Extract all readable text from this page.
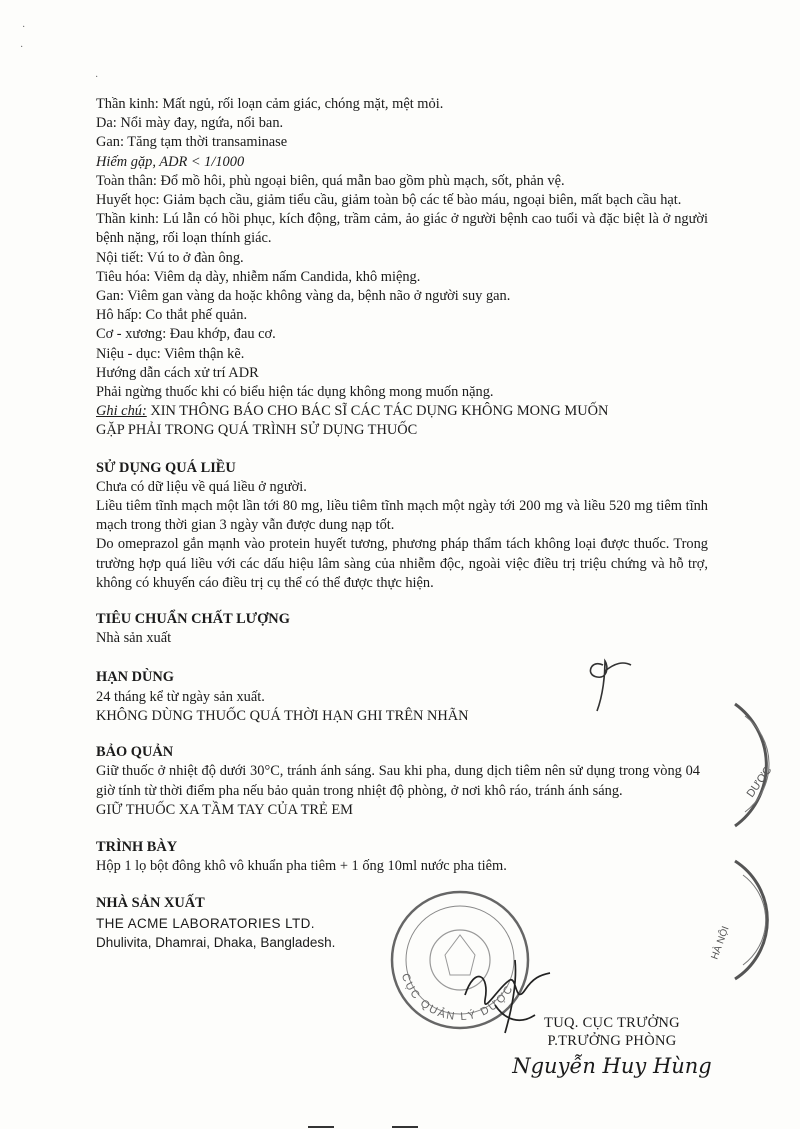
·
·
·
Thần kinh: Mất ngủ, rối loạn cảm giác, chóng mặt, mệt mỏi.
Da: Nổi mày đay, ngứa, nổi ban.
Gan: Tăng tạm thời transaminase
Hiếm gặp, ADR < 1/1000
Toàn thân: Đổ mồ hôi, phù ngoại biên, quá mẫn bao gồm phù mạch, sốt, phản vệ.
Huyết học: Giảm bạch cầu, giảm tiểu cầu, giảm toàn bộ các tế bào máu, ngoại biên, mất bạch cầu hạt.
Thần kinh: Lú lẫn có hồi phục, kích động, trầm cảm, ảo giác ở người bệnh cao tuổi và đặc biệt là ở người bệnh nặng, rối loạn thính giác.
Nội tiết: Vú to ở đàn ông.
Tiêu hóa: Viêm dạ dày, nhiễm nấm Candida, khô miệng.
Gan: Viêm gan vàng da hoặc không vàng da, bệnh não ở người suy gan.
Hô hấp: Co thắt phế quản.
Cơ - xương: Đau khớp, đau cơ.
Niệu - dục: Viêm thận kẽ.
Hướng dẫn cách xử trí ADR
Phải ngừng thuốc khi có biểu hiện tác dụng không mong muốn nặng.
Ghi chú: XIN THÔNG BÁO CHO BÁC SĨ CÁC TÁC DỤNG KHÔNG MONG MUỐN
GẶP PHẢI TRONG QUÁ TRÌNH SỬ DỤNG THUỐC
SỬ DỤNG QUÁ LIỀU
Chưa có dữ liệu về quá liều ở người.
Liều tiêm tĩnh mạch một lần tới 80 mg, liều tiêm tĩnh mạch một ngày tới 200 mg và liều 520 mg tiêm tĩnh mạch trong thời gian 3 ngày vẫn được dung nạp tốt.
Do omeprazol gắn mạnh vào protein huyết tương, phương pháp thẩm tách không loại được thuốc. Trong trường hợp quá liều với các dấu hiệu lâm sàng của nhiễm độc, ngoài việc điều trị triệu chứng và hỗ trợ, không có khuyến cáo điều trị cụ thể có thể được thực hiện.
TIÊU CHUẨN CHẤT LƯỢNG
Nhà sản xuất
HẠN DÙNG
24 tháng kể từ ngày sản xuất.
KHÔNG DÙNG THUỐC QUÁ THỜI HẠN GHI TRÊN NHÃN
BẢO QUẢN
Giữ thuốc ở nhiệt độ dưới 30°C, tránh ánh sáng. Sau khi pha, dung dịch tiêm nên sử dụng trong vòng 04 giờ tính từ thời điểm pha nếu bảo quản trong nhiệt độ phòng, ở nơi khô ráo, tránh ánh sáng.
GIỮ THUỐC XA TẦM TAY CỦA TRẺ EM
TRÌNH BÀY
Hộp 1 lọ bột đông khô vô khuẩn pha tiêm + 1 ống 10ml nước pha tiêm.
NHÀ SẢN XUẤT
THE ACME LABORATORIES LTD.
Dhulivita, Dhamrai, Dhaka, Bangladesh.
DƯỢC
HÀ NỘI
CỤC QUẢN LÝ DƯỢC
TUQ. CỤC TRƯỞNG
P.TRƯỞNG PHÒNG
Nguyễn Huy Hùng
